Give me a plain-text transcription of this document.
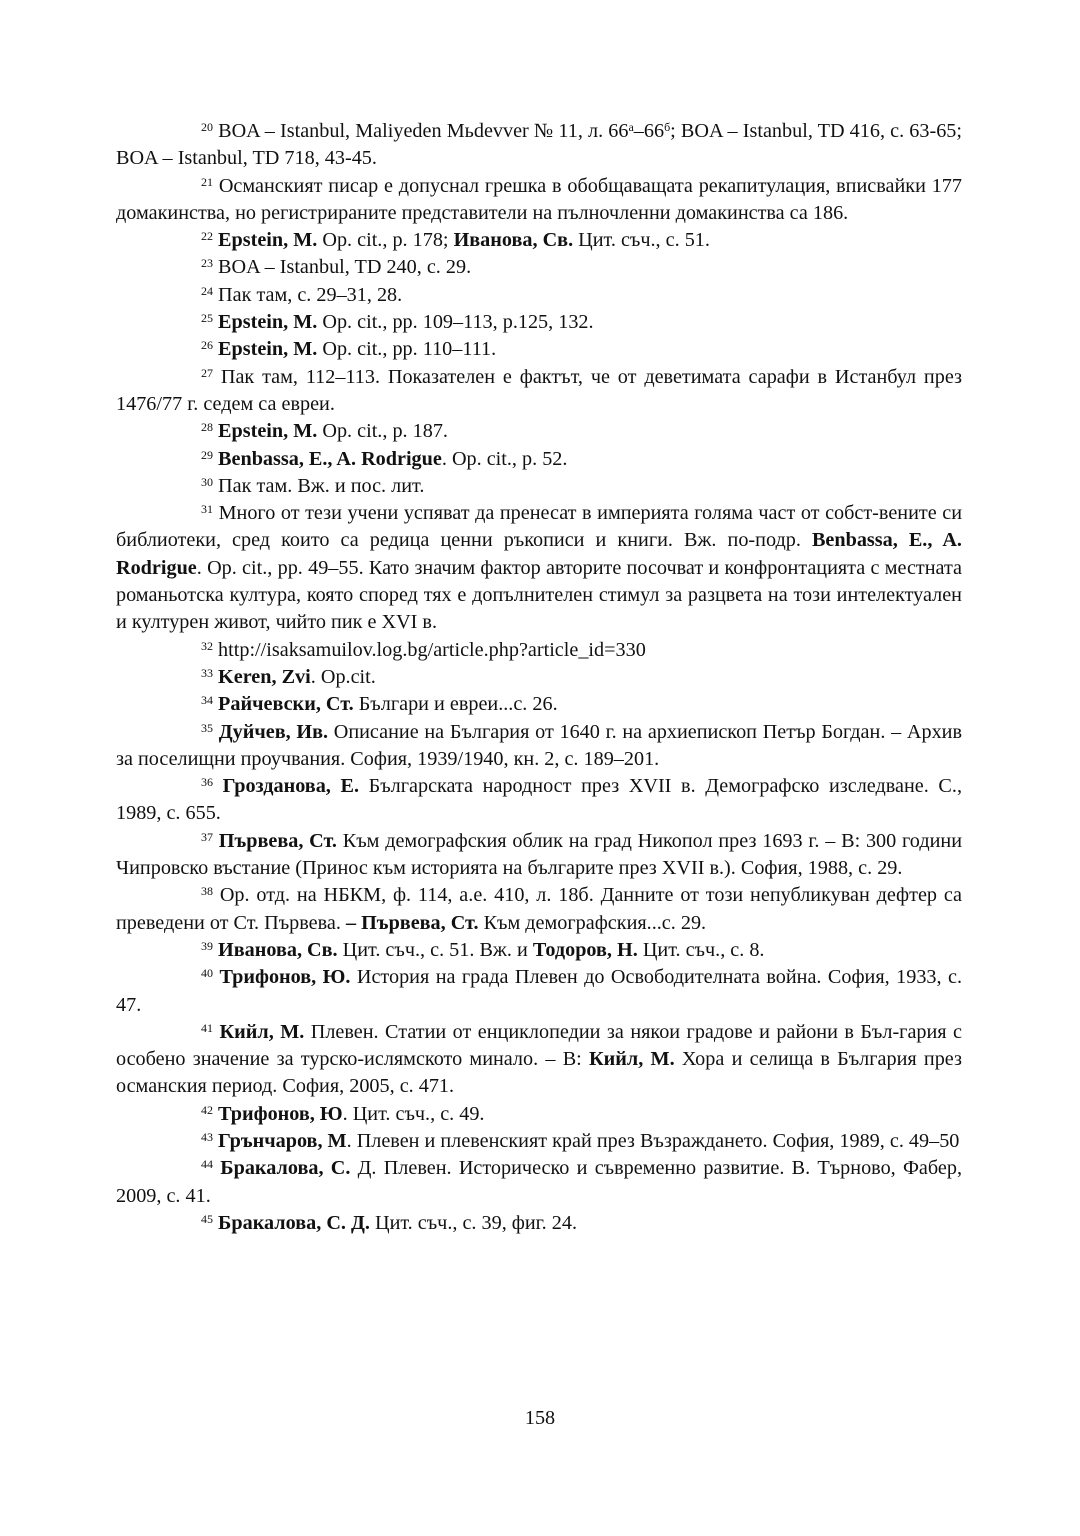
$^{20}$ BOA – Istanbul, Maliyeden Mьdevver № 11, л. $66^а-66^б$; BOA – Istanbul, TD 416, с. 63-65; BOA – Istanbul, TD 718, 43-45.

$^{21}$ Османският писар е допуснал грешка в обобщаващата рекапитулация, вписвайки 177 домакинства, но регистрираните представители на пълночленни домакинства са 186.

$^{22}$ Epstein, M. Op. cit., p. 178; Иванова, Св. Цит. съч., с. 51.

$^{23}$ BOA – Istanbul, TD 240, с. 29.

$^{24}$ Пак там, с. 29–31, 28.

$^{25}$ Epstein, M. Op. cit., pp. 109–113, p.125, 132.

$^{26}$ Epstein, M. Op. cit., pp. 110–111.

$^{27}$ Пак там, 112–113. Показателен е фактът, че от деветимата сарафи в Истанбул през 1476/77 г. седем са евреи.

$^{28}$ Epstein, M. Op. cit., p. 187.

$^{29}$ Benbassa, E., A. Rodrigue. Op. cit., p. 52.

$^{30}$ Пак там. Вж. и пос. лит.

$^{31}$ Много от тези учени успяват да пренесат в империята голяма част от собст-вените си библиотеки, сред които са редица ценни ръкописи и книги. Вж. по-подр. Benbassa, E., A. Rodrigue. Op. cit., pp. 49–55. Като значим фактор авторите посочват и конфронтацията с местната романьотска култура, която според тях е допълнителен стимул за разцвета на този интелектуален и културен живот, чийто пик е XVI в.

$^{32}$ http://isaksamuilov.log.bg/article.php?article_id=330

$^{33}$ Keren, Zvi. Op.cit.

$^{34}$ Райчевски, Ст. Българи и евреи...с. 26.

$^{35}$ Дуйчев, Ив. Описание на България от 1640 г. на архиепископ Петър Богдан. – Архив за поселищни проучвания. София, 1939/1940, кн. 2, с. 189–201.

$^{36}$ Грозданова, Е. Българската народност през XVII в. Демографско изследване. С., 1989, с. 655.

$^{37}$ Първева, Ст. Към демографския облик на град Никопол през 1693 г. – В: 300 години Чипровско въстание (Принос към историята на българите през XVII в.). София, 1988, с. 29.

$^{38}$ Ор. отд. на НБКМ, ф. 114, а.е. 410, л. 18б. Данните от този непубликуван дефтер са преведени от Ст. Първева. – Първева, Ст. Към демографския...с. 29.

$^{39}$ Иванова, Св. Цит. съч., с. 51. Вж. и Тодоров, Н. Цит. съч., с. 8.

$^{40}$ Трифонов, Ю. История на града Плевен до Освободителната война. София, 1933, с. 47.

$^{41}$ Кийл, М. Плевен. Статии от енциклопедии за някои градове и райони в Бъл-гария с особено значение за турско-ислямското минало. – В: Кийл, М. Хора и селища в България през османския период. София, 2005, с. 471.

$^{42}$ Трифонов, Ю. Цит. съч., с. 49.

$^{43}$ Грънчаров, М. Плевен и плевенският край през Възраждането. София, 1989, с. 49–50

$^{44}$ Бракалова, С. Д. Плевен. Историческо и съвременно развитие. В. Търново, Фабер, 2009, с. 41.

$^{45}$ Бракалова, С. Д. Цит. съч., с. 39, фиг. 24.

158
